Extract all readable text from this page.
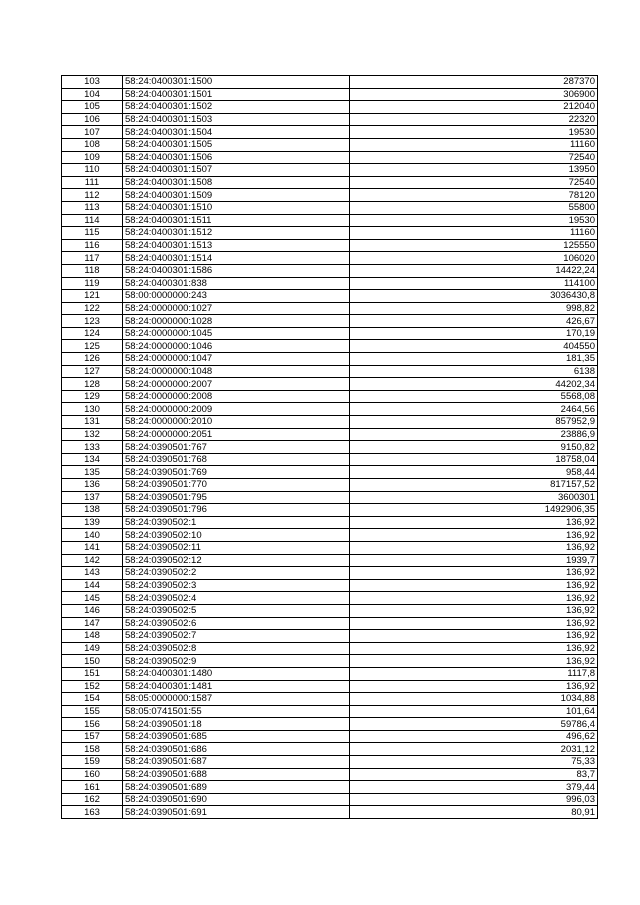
103	58:24:0400301:1500	287370
104	58:24:0400301:1501	306900
105	58:24:0400301:1502	212040
106	58:24:0400301:1503	22320
107	58:24:0400301:1504	19530
108	58:24:0400301:1505	11160
109	58:24:0400301:1506	72540
110	58:24:0400301:1507	13950
111	58:24:0400301:1508	72540
112	58:24:0400301:1509	78120
113	58:24:0400301:1510	55800
114	58:24:0400301:1511	19530
115	58:24:0400301:1512	11160
116	58:24:0400301:1513	125550
117	58:24:0400301:1514	106020
118	58:24:0400301:1586	14422,24
119	58:24:0400301:838	114100
121	58:00:0000000:243	3036430,8
122	58:24:0000000:1027	998,82
123	58:24:0000000:1028	426,67
124	58:24:0000000:1045	170,19
125	58:24:0000000:1046	404550
126	58:24:0000000:1047	181,35
127	58:24:0000000:1048	6138
128	58:24:0000000:2007	44202,34
129	58:24:0000000:2008	5568,08
130	58:24:0000000:2009	2464,56
131	58:24:0000000:2010	857952,9
132	58:24:0000000:2051	23886,9
133	58:24:0390501:767	9150,82
134	58:24:0390501:768	18758,04
135	58:24:0390501:769	958,44
136	58:24:0390501:770	817157,52
137	58:24:0390501:795	3600301
138	58:24:0390501:796	1492906,35
139	58:24:0390502:1	136,92
140	58:24:0390502:10	136,92
141	58:24:0390502:11	136,92
142	58:24:0390502:12	1939,7
143	58:24:0390502:2	136,92
144	58:24:0390502:3	136,92
145	58:24:0390502:4	136,92
146	58:24:0390502:5	136,92
147	58:24:0390502:6	136,92
148	58:24:0390502:7	136,92
149	58:24:0390502:8	136,92
150	58:24:0390502:9	136,92
151	58:24:0400301:1480	1117,8
152	58:24:0400301:1481	136,92
154	58:05:0000000:1587	1034,88
155	58:05:0741501:55	101,64
156	58:24:0390501:18	59786,4
157	58:24:0390501:685	496,62
158	58:24:0390501:686	2031,12
159	58:24:0390501:687	75,33
160	58:24:0390501:688	83,7
161	58:24:0390501:689	379,44
162	58:24:0390501:690	996,03
163	58:24:0390501:691	80,91
